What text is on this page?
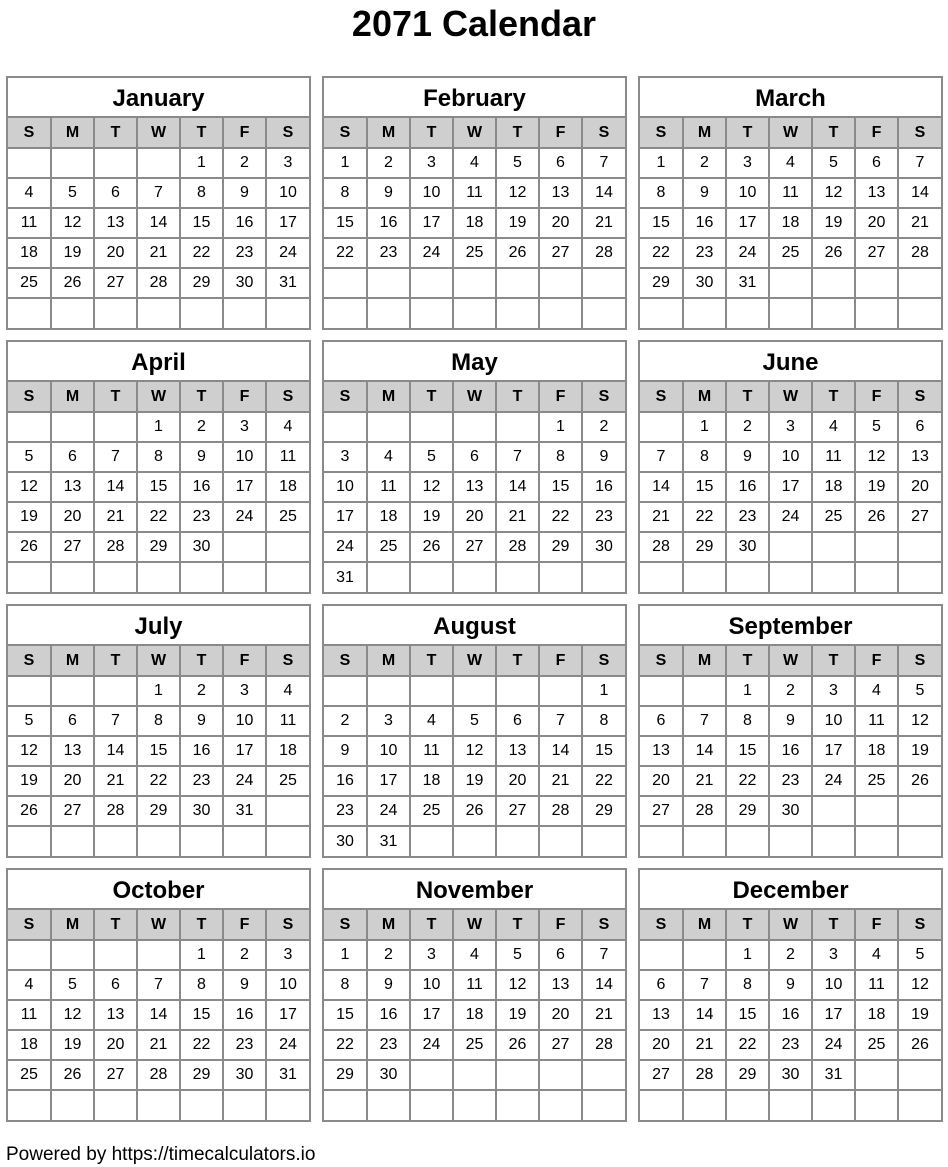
2071 Calendar
January
S	M	T	W	T	F	S
				1	2	3
4	5	6	7	8	9	10
11	12	13	14	15	16	17
18	19	20	21	22	23	24
25	26	27	28	29	30	31

February
S	M	T	W	T	F	S
1	2	3	4	5	6	7
8	9	10	11	12	13	14
15	16	17	18	19	20	21
22	23	24	25	26	27	28

March
S	M	T	W	T	F	S
1	2	3	4	5	6	7
8	9	10	11	12	13	14
15	16	17	18	19	20	21
22	23	24	25	26	27	28
29	30	31				

April
S	M	T	W	T	F	S
			1	2	3	4
5	6	7	8	9	10	11
12	13	14	15	16	17	18
19	20	21	22	23	24	25
26	27	28	29	30		

May
S	M	T	W	T	F	S
					1	2
3	4	5	6	7	8	9
10	11	12	13	14	15	16
17	18	19	20	21	22	23
24	25	26	27	28	29	30
31						
June
S	M	T	W	T	F	S
	1	2	3	4	5	6
7	8	9	10	11	12	13
14	15	16	17	18	19	20
21	22	23	24	25	26	27
28	29	30				

July
S	M	T	W	T	F	S
			1	2	3	4
5	6	7	8	9	10	11
12	13	14	15	16	17	18
19	20	21	22	23	24	25
26	27	28	29	30	31	

August
S	M	T	W	T	F	S
						1
2	3	4	5	6	7	8
9	10	11	12	13	14	15
16	17	18	19	20	21	22
23	24	25	26	27	28	29
30	31					
September
S	M	T	W	T	F	S
		1	2	3	4	5
6	7	8	9	10	11	12
13	14	15	16	17	18	19
20	21	22	23	24	25	26
27	28	29	30			

October
S	M	T	W	T	F	S
				1	2	3
4	5	6	7	8	9	10
11	12	13	14	15	16	17
18	19	20	21	22	23	24
25	26	27	28	29	30	31

November
S	M	T	W	T	F	S
1	2	3	4	5	6	7
8	9	10	11	12	13	14
15	16	17	18	19	20	21
22	23	24	25	26	27	28
29	30					

December
S	M	T	W	T	F	S
		1	2	3	4	5
6	7	8	9	10	11	12
13	14	15	16	17	18	19
20	21	22	23	24	25	26
27	28	29	30	31		

Powered by https://timecalculators.io
